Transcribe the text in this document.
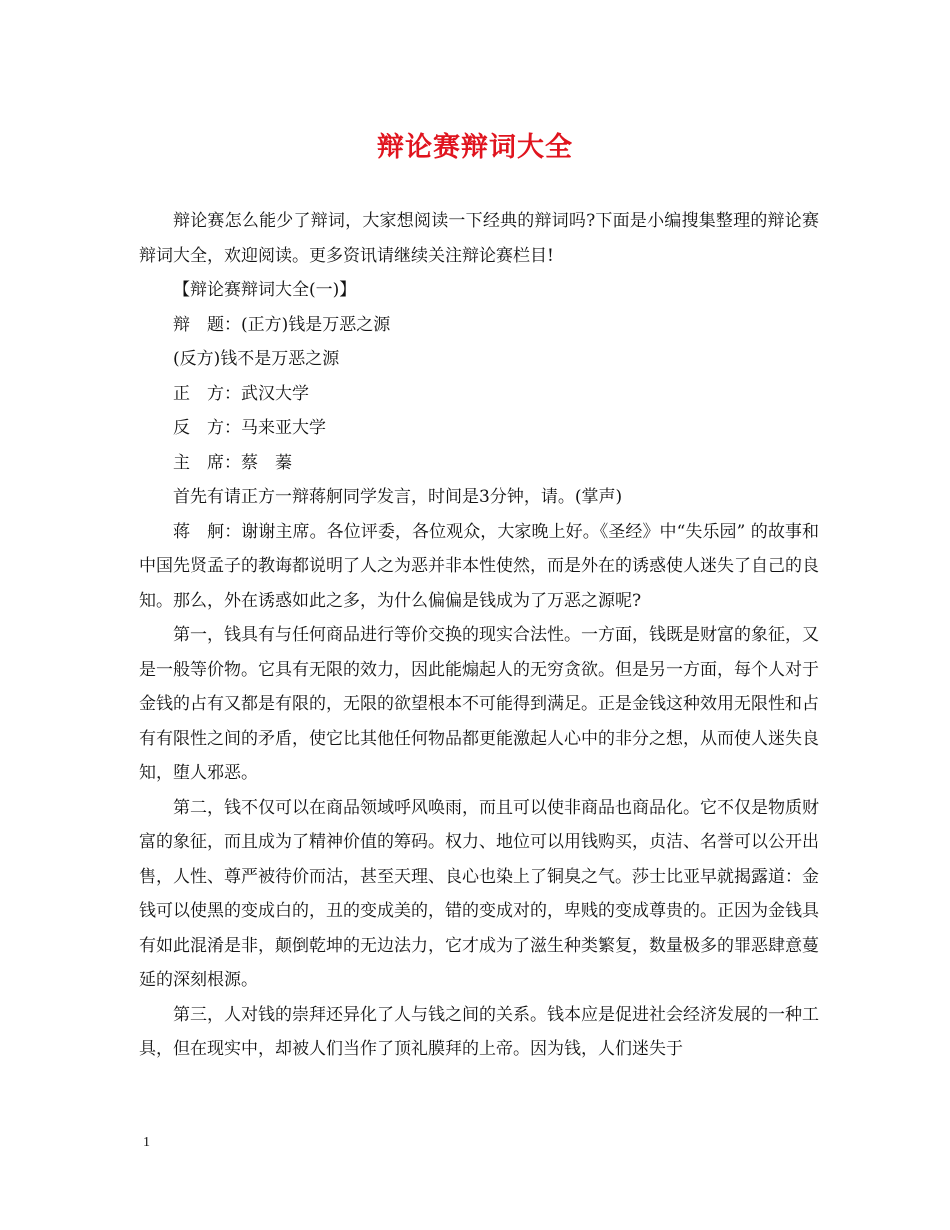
辩论赛辩词大全

辩论赛怎么能少了辩词，大家想阅读一下经典的辩词吗?下面是小编搜集整理的辩论赛辩词大全，欢迎阅读。更多资讯请继续关注辩论赛栏目!

【辩论赛辩词大全(一)】

辩　题：(正方)钱是万恶之源

(反方)钱不是万恶之源

正　方：武汉大学

反　方：马来亚大学

主　席：蔡　蓁

首先有请正方一辩蒋舸同学发言，时间是3分钟，请。(掌声)

蒋　舸：谢谢主席。各位评委，各位观众，大家晚上好。《圣经》中“失乐园” 的故事和中国先贤孟子的教诲都说明了人之为恶并非本性使然，而是外在的诱惑使人迷失了自己的良知。那么，外在诱惑如此之多，为什么偏偏是钱成为了万恶之源呢?

第一，钱具有与任何商品进行等价交换的现实合法性。一方面，钱既是财富的象征，又是一般等价物。它具有无限的效力，因此能煽起人的无穷贪欲。但是另一方面，每个人对于金钱的占有又都是有限的，无限的欲望根本不可能得到满足。正是金钱这种效用无限性和占有有限性之间的矛盾，使它比其他任何物品都更能激起人心中的非分之想，从而使人迷失良知，堕人邪恶。

第二，钱不仅可以在商品领域呼风唤雨，而且可以使非商品也商品化。它不仅是物质财富的象征，而且成为了精神价值的筹码。权力、地位可以用钱购买，贞洁、名誉可以公开出售，人性、尊严被待价而沽，甚至天理、良心也染上了铜臭之气。莎士比亚早就揭露道：金钱可以使黑的变成白的，丑的变成美的，错的变成对的，卑贱的变成尊贵的。正因为金钱具有如此混淆是非，颠倒乾坤的无边法力，它才成为了滋生种类繁复，数量极多的罪恶肆意蔓延的深刻根源。

第三，人对钱的崇拜还异化了人与钱之间的关系。钱本应是促进社会经济发展的一种工具，但在现实中，却被人们当作了顶礼膜拜的上帝。因为钱，人们迷失于

1
